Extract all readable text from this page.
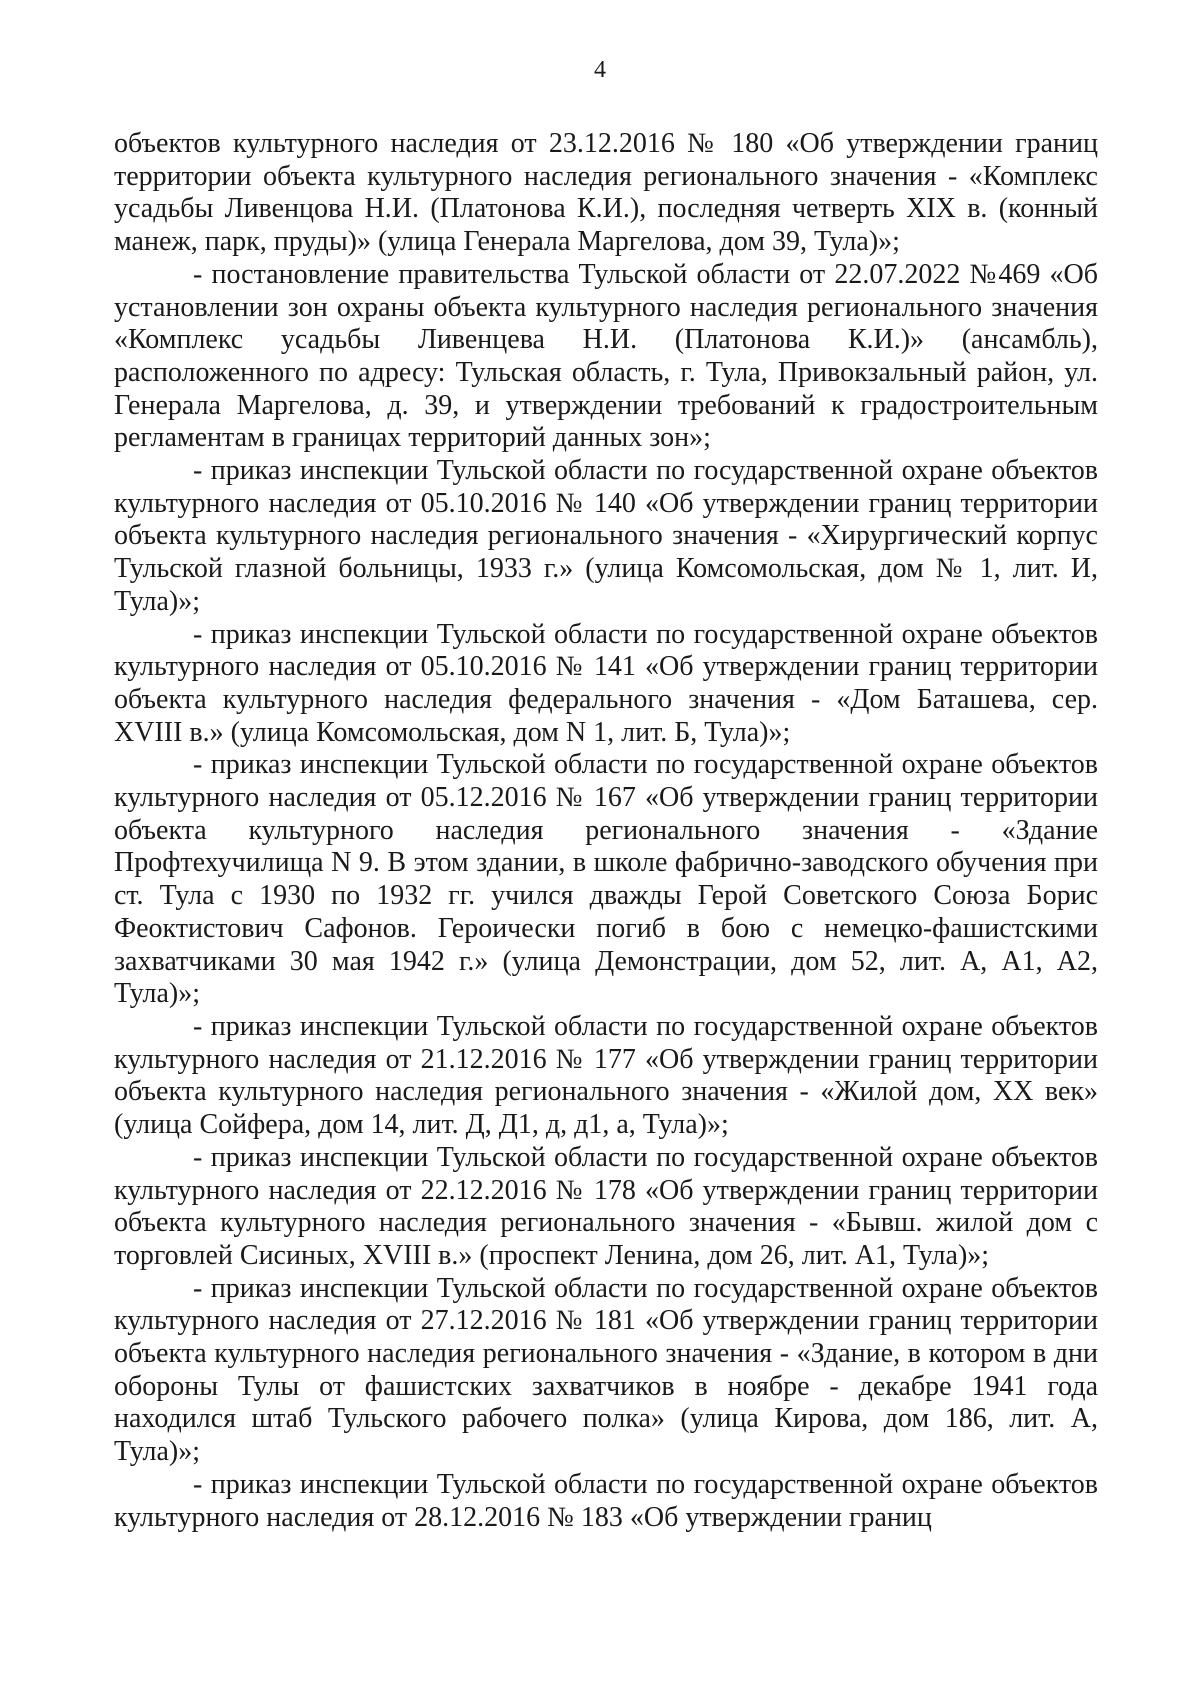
4

объектов культурного наследия от 23.12.2016 № 180 «Об утверждении границ территории объекта культурного наследия регионального значения - «Комплекс усадьбы Ливенцова Н.И. (Платонова К.И.), последняя четверть XIX в. (конный манеж, парк, пруды)» (улица Генерала Маргелова, дом 39, Тула)»;

- постановление правительства Тульской области от 22.07.2022 №469 «Об установлении зон охраны объекта культурного наследия регионального значения «Комплекс усадьбы Ливенцева Н.И. (Платонова К.И.)» (ансамбль), расположенного по адресу: Тульская область, г. Тула, Привокзальный район, ул. Генерала Маргелова, д. 39, и утверждении требований к градостроительным регламентам в границах территорий данных зон»;

- приказ инспекции Тульской области по государственной охране объектов культурного наследия от 05.10.2016 № 140 «Об утверждении границ территории объекта культурного наследия регионального значения - «Хирургический корпус Тульской глазной больницы, 1933 г.» (улица Комсомольская, дом № 1, лит. И, Тула)»;

- приказ инспекции Тульской области по государственной охране объектов культурного наследия от 05.10.2016 № 141 «Об утверждении границ территории объекта культурного наследия федерального значения - «Дом Баташева, сер. XVIII в.» (улица Комсомольская, дом N 1, лит. Б, Тула)»;

- приказ инспекции Тульской области по государственной охране объектов культурного наследия от 05.12.2016 № 167 «Об утверждении границ территории объекта культурного наследия регионального значения - «Здание Профтехучилища N 9. В этом здании, в школе фабрично-заводского обучения при ст. Тула с 1930 по 1932 гг. учился дважды Герой Советского Союза Борис Феоктистович Сафонов. Героически погиб в бою с немецко-фашистскими захватчиками 30 мая 1942 г.» (улица Демонстрации, дом 52, лит. А, А1, А2, Тула)»;

- приказ инспекции Тульской области по государственной охране объектов культурного наследия от 21.12.2016 № 177 «Об утверждении границ территории объекта культурного наследия регионального значения - «Жилой дом, XX век» (улица Сойфера, дом 14, лит. Д, Д1, д, д1, а, Тула)»;

- приказ инспекции Тульской области по государственной охране объектов культурного наследия от 22.12.2016 № 178 «Об утверждении границ территории объекта культурного наследия регионального значения - «Бывш. жилой дом с торговлей Сисиных, XVIII в.» (проспект Ленина, дом 26, лит. А1, Тула)»;

- приказ инспекции Тульской области по государственной охране объектов культурного наследия от 27.12.2016 № 181 «Об утверждении границ территории объекта культурного наследия регионального значения - «Здание, в котором в дни обороны Тулы от фашистских захватчиков в ноябре - декабре 1941 года находился штаб Тульского рабочего полка» (улица Кирова, дом 186, лит. А, Тула)»;

- приказ инспекции Тульской области по государственной охране объектов культурного наследия от 28.12.2016 № 183 «Об утверждении границ
